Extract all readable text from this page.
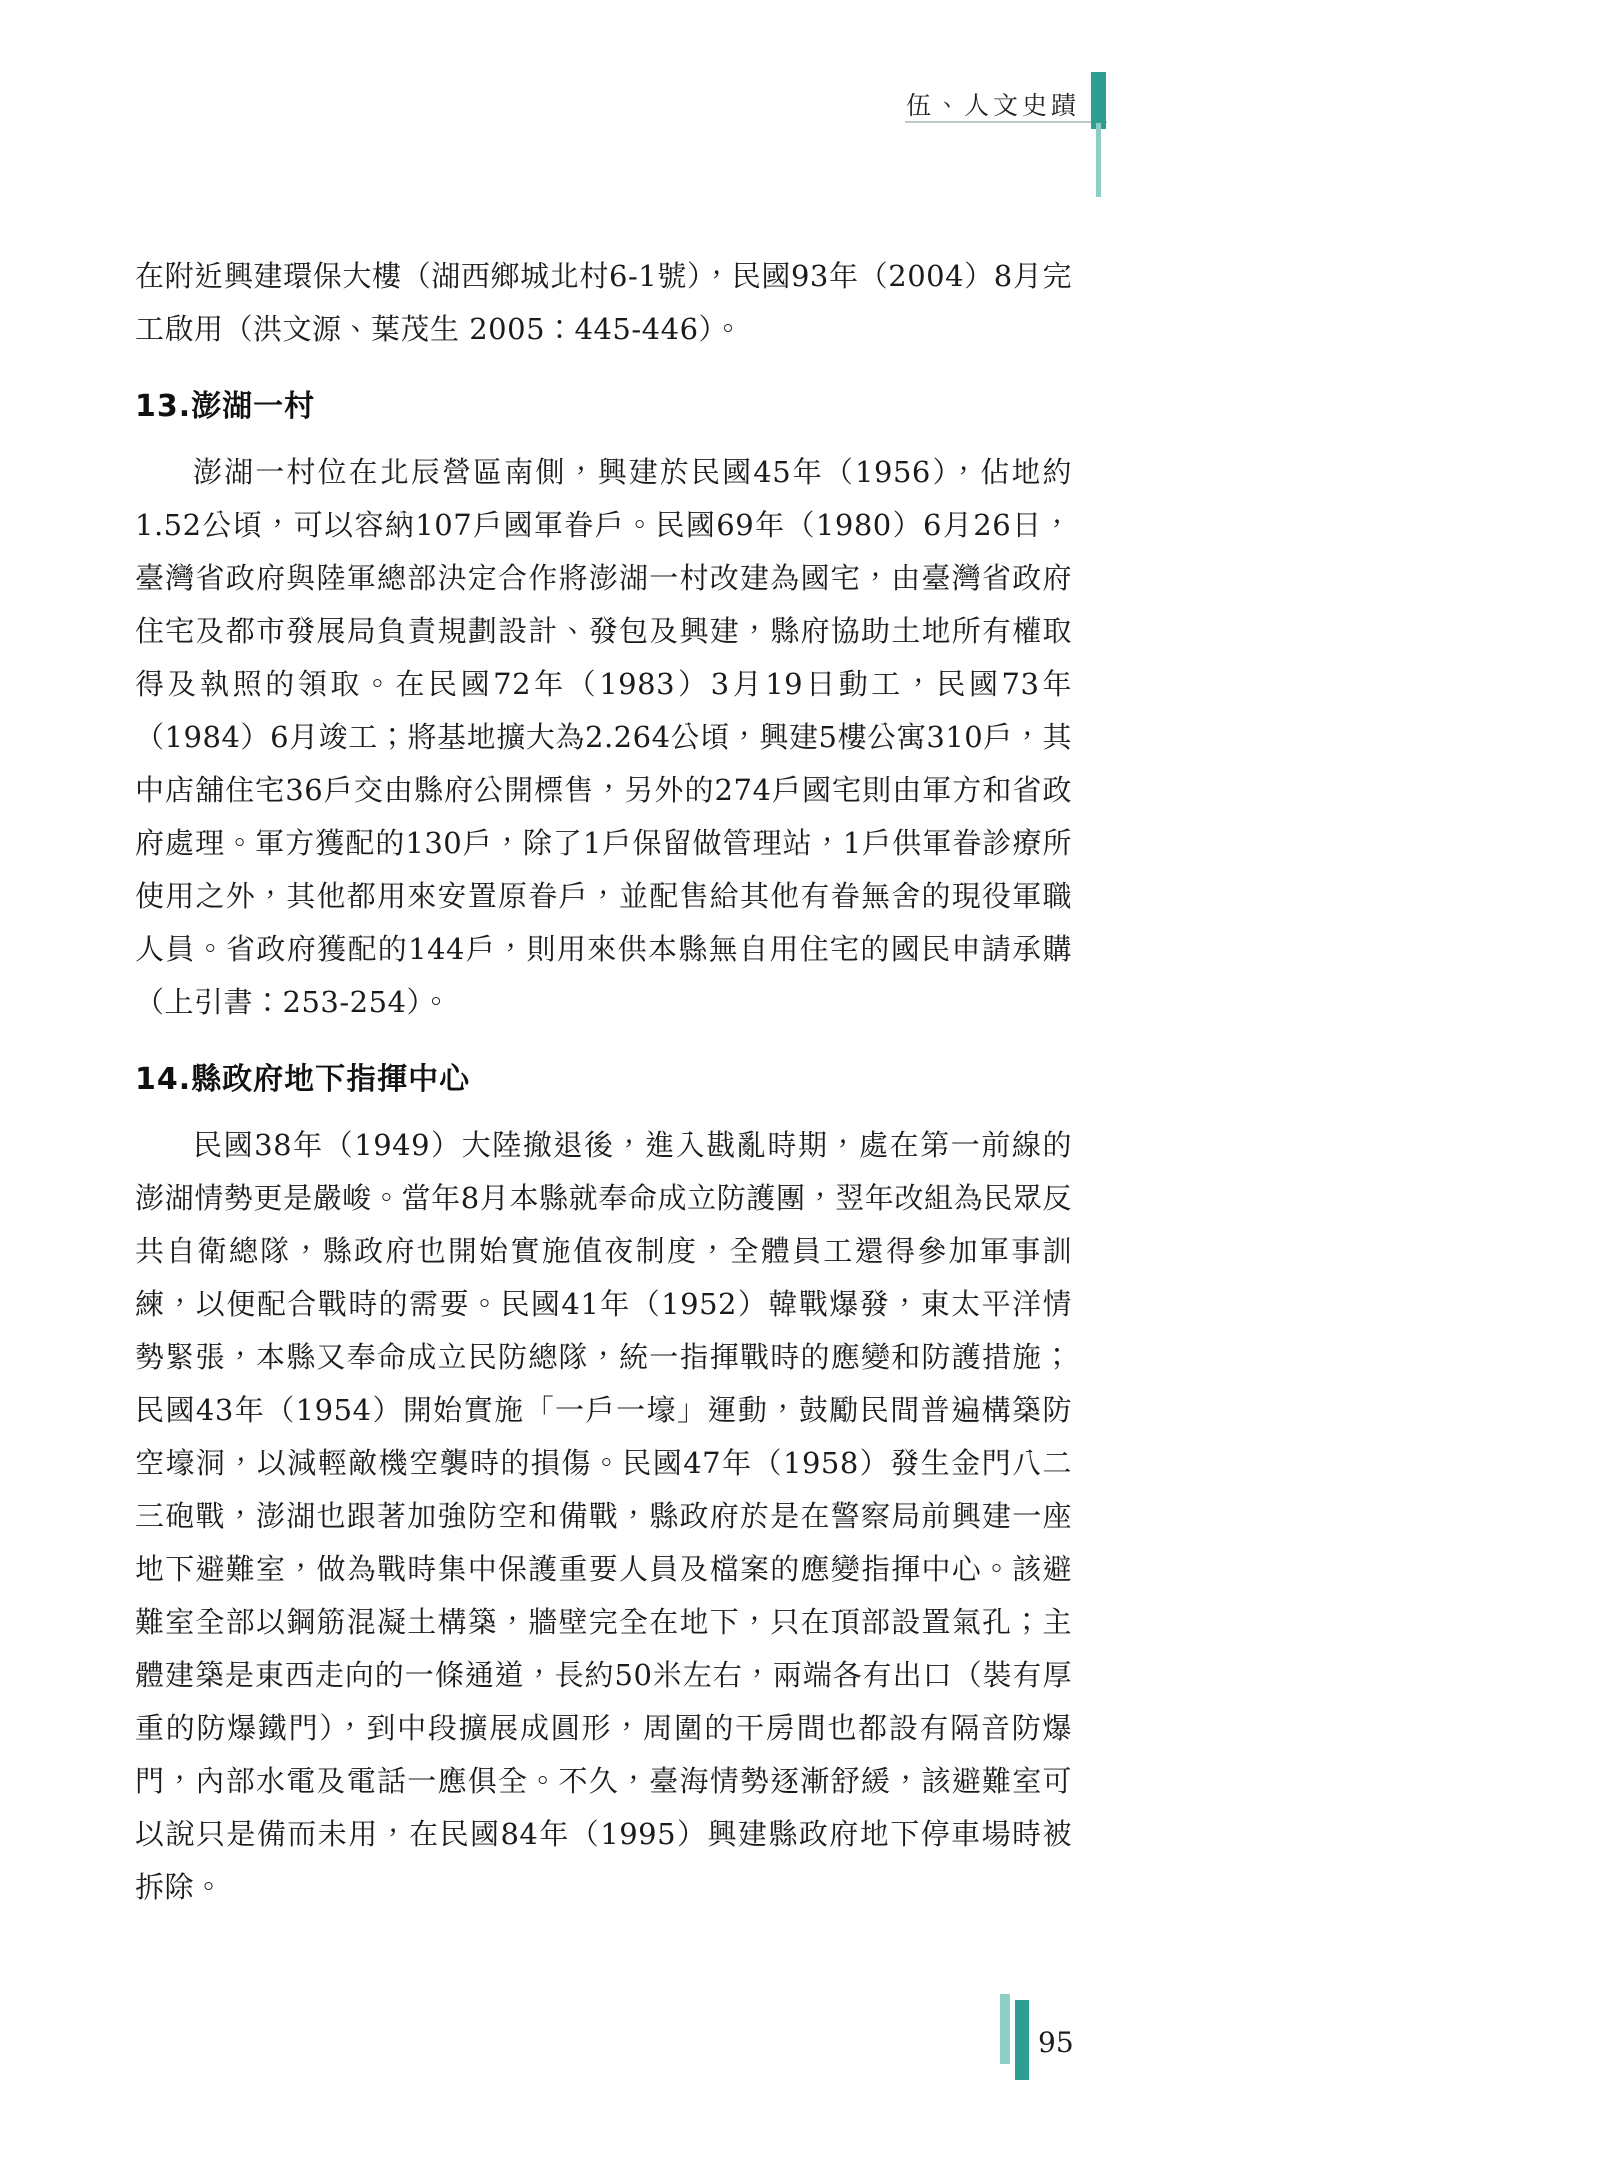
伍、人文史蹟

在附近興建環保大樓（湖西鄉城北村6-1號），民國93年（2004）8月完工啟用（洪文源、葉茂生 2005：445-446）。

13.澎湖一村

澎湖一村位在北辰營區南側，興建於民國45年（1956），佔地約1.52公頃，可以容納107戶國軍眷戶。民國69年（1980）6月26日，臺灣省政府與陸軍總部決定合作將澎湖一村改建為國宅，由臺灣省政府住宅及都市發展局負責規劃設計、發包及興建，縣府協助土地所有權取得及執照的領取。在民國72年（1983）3月19日動工，民國73年（1984）6月竣工；將基地擴大為2.264公頃，興建5樓公寓310戶，其中店舖住宅36戶交由縣府公開標售，另外的274戶國宅則由軍方和省政府處理。軍方獲配的130戶，除了1戶保留做管理站，1戶供軍眷診療所使用之外，其他都用來安置原眷戶，並配售給其他有眷無舍的現役軍職人員。省政府獲配的144戶，則用來供本縣無自用住宅的國民申請承購（上引書：253-254）。

14.縣政府地下指揮中心

民國38年（1949）大陸撤退後，進入戡亂時期，處在第一前線的澎湖情勢更是嚴峻。當年8月本縣就奉命成立防護團，翌年改組為民眾反共自衛總隊，縣政府也開始實施值夜制度，全體員工還得參加軍事訓練，以便配合戰時的需要。民國41年（1952）韓戰爆發，東太平洋情勢緊張，本縣又奉命成立民防總隊，統一指揮戰時的應變和防護措施；民國43年（1954）開始實施「一戶一壕」運動，鼓勵民間普遍構築防空壕洞，以減輕敵機空襲時的損傷。民國47年（1958）發生金門八二三砲戰，澎湖也跟著加強防空和備戰，縣政府於是在警察局前興建一座地下避難室，做為戰時集中保護重要人員及檔案的應變指揮中心。該避難室全部以鋼筋混凝土構築，牆壁完全在地下，只在頂部設置氣孔；主體建築是東西走向的一條通道，長約50米左右，兩端各有出口（裝有厚重的防爆鐵門），到中段擴展成圓形，周圍的干房間也都設有隔音防爆門，內部水電及電話一應俱全。不久，臺海情勢逐漸舒緩，該避難室可以說只是備而未用，在民國84年（1995）興建縣政府地下停車場時被拆除。

95
